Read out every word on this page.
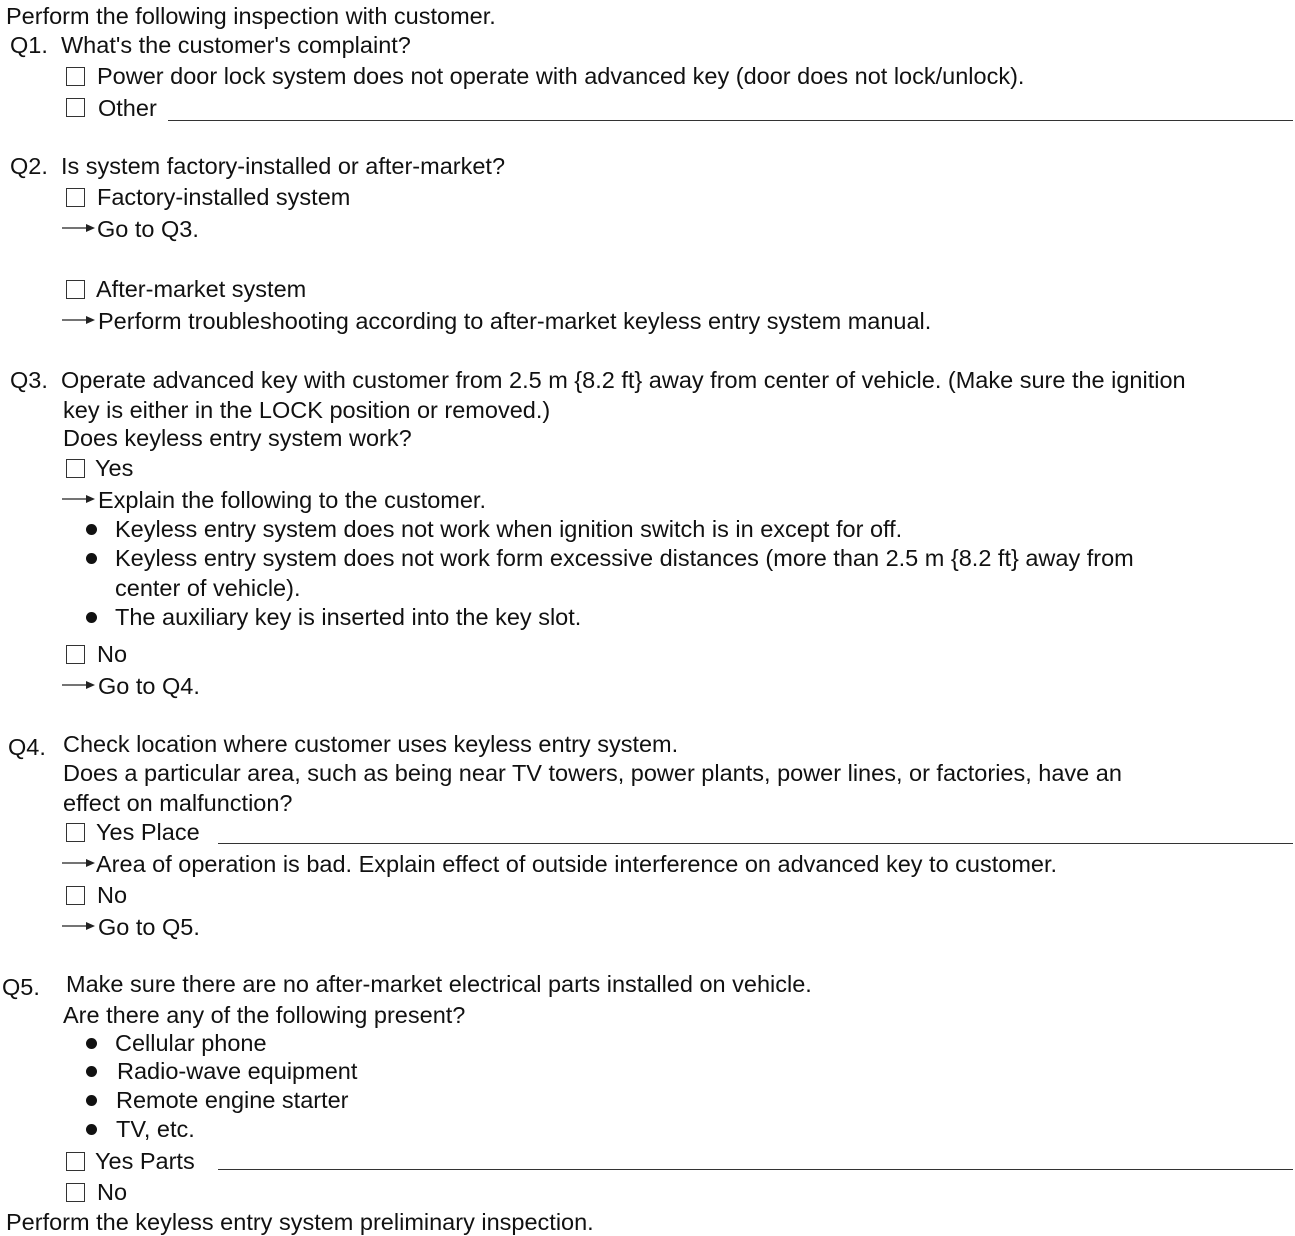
Perform the following inspection with customer.
Q1. What's the customer's complaint?
Power door lock system does not operate with advanced key (door does not lock/unlock).
Other
Q2. Is system factory-installed or after-market?
Factory-installed system
Go to Q3.
After-market system
Perform troubleshooting according to after-market keyless entry system manual.
Q3. Operate advanced key with customer from 2.5 m {8.2 ft} away from center of vehicle. (Make sure the ignition
key is either in the LOCK position or removed.)
Does keyless entry system work?
Yes
Explain the following to the customer.
Keyless entry system does not work when ignition switch is in except for off.
Keyless entry system does not work form excessive distances (more than 2.5 m {8.2 ft} away from
center of vehicle).
The auxiliary key is inserted into the key slot.
No
Go to Q4.
Q4. Check location where customer uses keyless entry system.
Does a particular area, such as being near TV towers, power plants, power lines, or factories, have an
effect on malfunction?
Yes Place
Area of operation is bad. Explain effect of outside interference on advanced key to customer.
No
Go to Q5.
Q5. Make sure there are no after-market electrical parts installed on vehicle.
Are there any of the following present?
Cellular phone
Radio-wave equipment
Remote engine starter
TV, etc.
Yes Parts
No
Perform the keyless entry system preliminary inspection.
